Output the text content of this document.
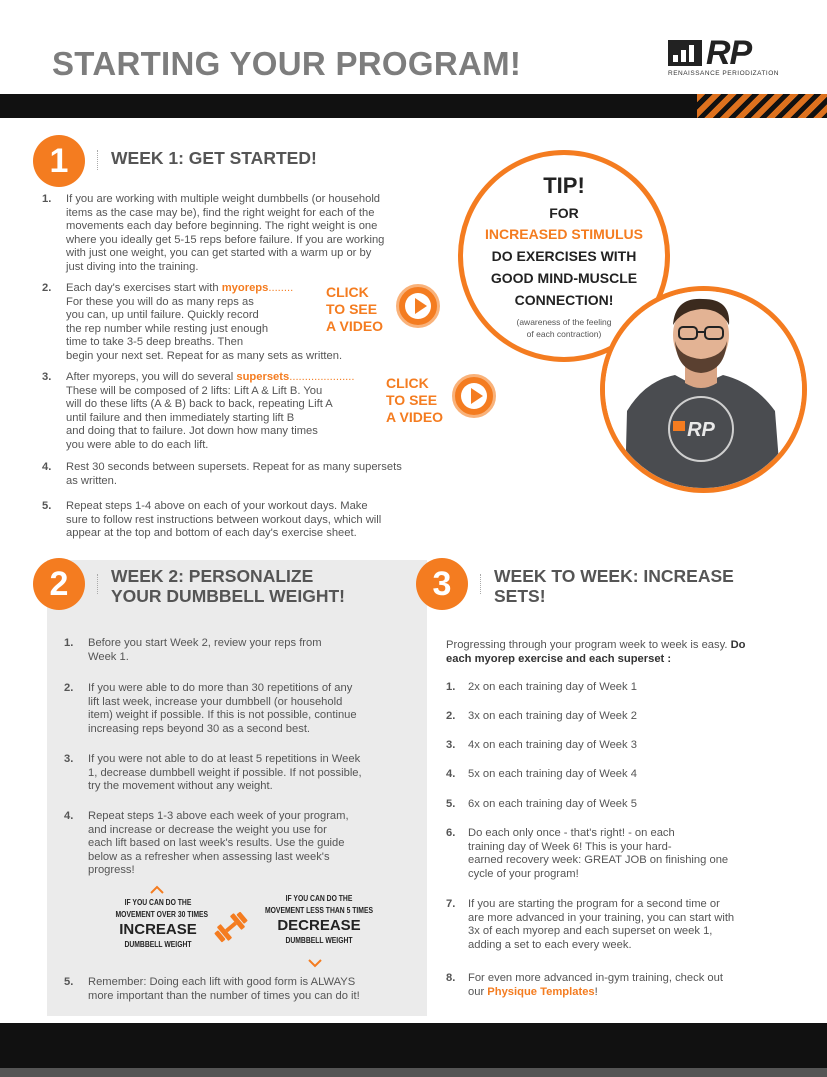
STARTING YOUR PROGRAM!	RP
RENAISSANCE PERIODIZATION
1	WEEK 1: GET STARTED!
1. If you are working with multiple weight dumbbells (or household
items as the case may be), find the right weight for each of the
movements each day before beginning. The right weight is one
where you ideally get 5-15 reps before failure. If you are working
with just one weight, you can get started with a warm up or by
just diving into the training.
2. Each day's exercises start with myoreps........
For these you will do as many reps as
you can, up until failure. Quickly record
the rep number while resting just enough
time to take 3-5 deep breaths. Then
begin your next set. Repeat for as many sets as written.
CLICK
TO SEE
A VIDEO
3. After myoreps, you will do several supersets.....................
These will be composed of 2 lifts: Lift A & Lift B. You
will do these lifts (A & B) back to back, repeating Lift A
until failure and then immediately starting lift B
and doing that to failure. Jot down how many times
you were able to do each lift.
CLICK
TO SEE
A VIDEO
4. Rest 30 seconds between supersets. Repeat for as many supersets
as written.
5. Repeat steps 1-4 above on each of your workout days. Make
sure to follow rest instructions between workout days, which will
appear at the top and bottom of each day's exercise sheet.
TIP!
FOR
INCREASED STIMULUS
DO EXERCISES WITH
GOOD MIND-MUSCLE
CONNECTION!
(awareness of the feeling
of each contraction)
RP
2	WEEK 2: PERSONALIZE
YOUR DUMBBELL WEIGHT!
1. Before you start Week 2, review your reps from
Week 1.
2. If you were able to do more than 30 repetitions of any
lift last week, increase your dumbbell (or household
item) weight if possible. If this is not possible, continue
increasing reps beyond 30 as a second best.
3. If you were not able to do at least 5 repetitions in Week
1, decrease dumbbell weight if possible. If not possible,
try the movement without any weight.
4. Repeat steps 1-3 above each week of your program,
and increase or decrease the weight you use for
each lift based on last week's results. Use the guide
below as a refresher when assessing last week's
progress!
IF YOU CAN DO THE
MOVEMENT OVER 30 TIMES
INCREASE
DUMBBELL WEIGHT
IF YOU CAN DO THE
MOVEMENT LESS THAN 5 TIMES
DECREASE
DUMBBELL WEIGHT
5. Remember: Doing each lift with good form is ALWAYS
more important than the number of times you can do it!
3	WEEK TO WEEK: INCREASE
SETS!
Progressing through your program week to week is easy. Do
each myorep exercise and each superset :
1. 2x on each training day of Week 1
2. 3x on each training day of Week 2
3. 4x on each training day of Week 3
4. 5x on each training day of Week 4
5. 6x on each training day of Week 5
6. Do each only once - that's right! - on each
training day of Week 6! This is your hard-
earned recovery week: GREAT JOB on finishing one
cycle of your program!
7. If you are starting the program for a second time or
are more advanced in your training, you can start with
3x of each myorep and each superset on week 1,
adding a set to each every week.
8. For even more advanced in-gym training, check out
our Physique Templates!
